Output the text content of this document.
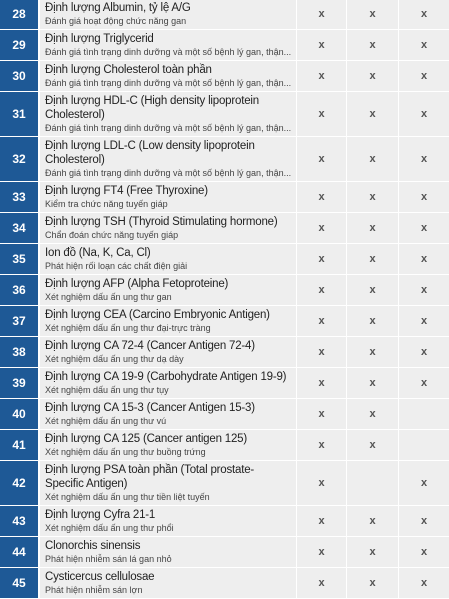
28	Định lượng Albumin, tỷ lệ A/G
Đánh giá hoạt động chức năng gan	x	x	x
29	Định lượng Triglycerid
Đánh giá tình trạng dinh dưỡng và một số bệnh lý gan, thận...	x	x	x
30	Định lượng Cholesterol toàn phần
Đánh giá tình trạng dinh dưỡng và một số bệnh lý gan, thận...	x	x	x
31	Định lượng HDL-C (High density lipoprotein Cholesterol)
Đánh giá tình trạng dinh dưỡng và một số bệnh lý gan, thận...	x	x	x
32	Định lượng LDL-C (Low density lipoprotein Cholesterol)
Đánh giá tình trạng dinh dưỡng và một số bệnh lý gan, thận...	x	x	x
33	Định lượng FT4 (Free Thyroxine)
Kiểm tra chức năng tuyến giáp	x	x	x
34	Định lượng TSH (Thyroid Stimulating hormone)
Chẩn đoán chức năng tuyến giáp	x	x	x
35	Ion đồ (Na, K, Ca, Cl)
Phát hiện rối loạn các chất điện giải	x	x	x
36	Định lượng AFP (Alpha Fetoproteine)
Xét nghiệm dấu ấn ung thư gan	x	x	x
37	Định lượng CEA (Carcino Embryonic Antigen)
Xét nghiệm dấu ấn ung thư đại-trực tràng	x	x	x
38	Định lượng CA 72-4 (Cancer Antigen 72-4)
Xét nghiệm dấu ấn ung thư dạ dày	x	x	x
39	Định lượng CA 19-9 (Carbohydrate Antigen 19-9)
Xét nghiệm dấu ấn ung thư tụy	x	x	x
40	Định lượng CA 15-3 (Cancer Antigen 15-3)
Xét nghiệm dấu ấn ung thư vú	x	x	
41	Định lượng CA 125 (Cancer antigen 125)
Xét nghiệm dấu ấn ung thư buồng trứng	x	x	
42	Định lượng PSA toàn phần (Total prostate-Specific Antigen)
Xét nghiệm dấu ấn ung thư tiền liệt tuyến	x		x
43	Định lượng Cyfra 21-1
Xét nghiệm dấu ấn ung thư phổi	x	x	x
44	Clonorchis sinensis
Phát hiện nhiễm sán lá gan nhỏ	x	x	x
45	Cysticercus cellulosae
Phát hiện nhiễm sán lợn	x	x	x
